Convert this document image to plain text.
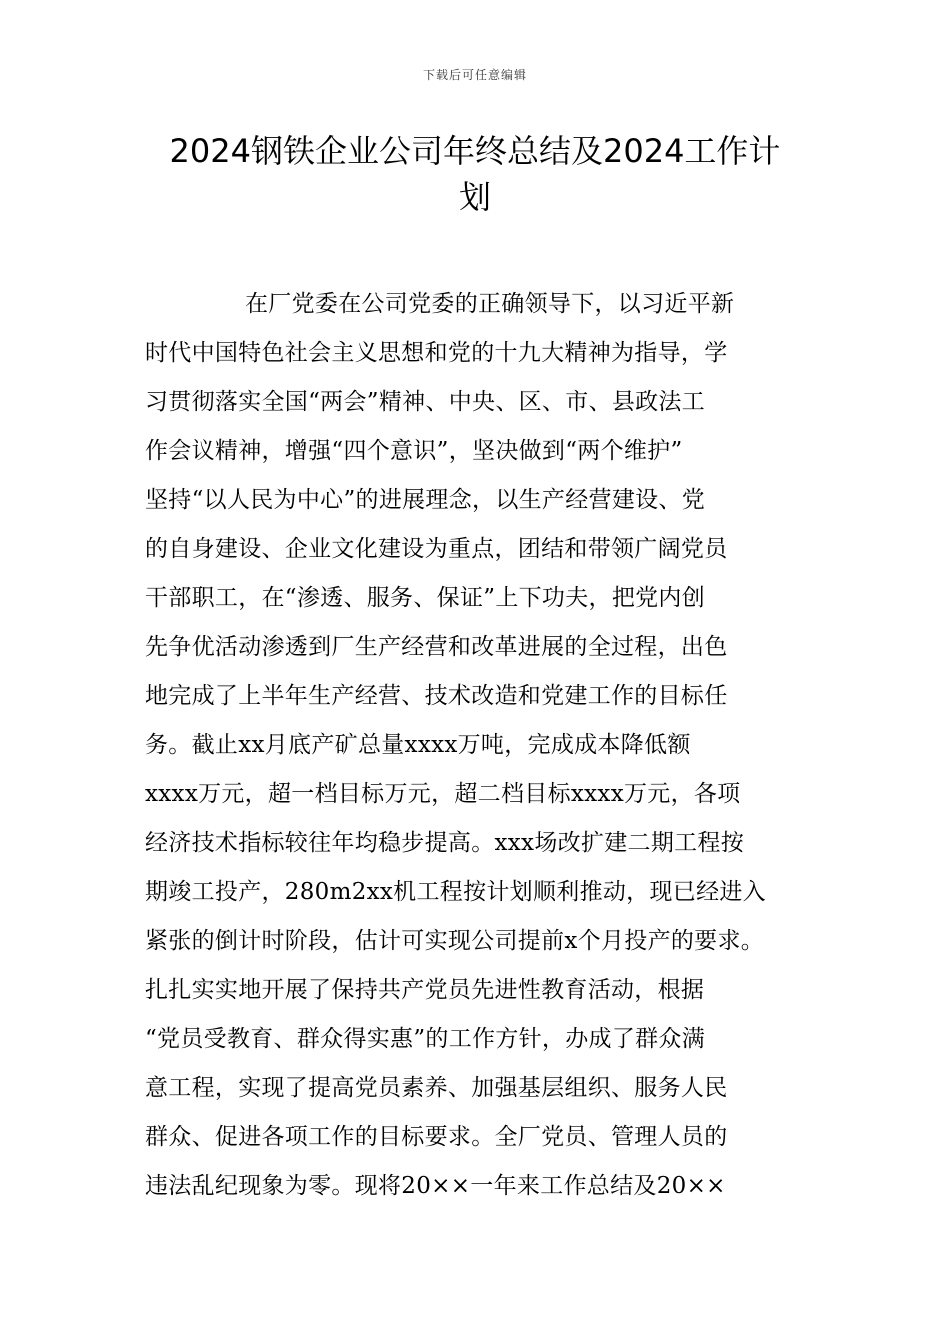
下载后可任意编辑
2024钢铁企业公司年终总结及2024工作计
划
在厂党委在公司党委的正确领导下，以习近平新
时代中国特色社会主义思想和党的十九大精神为指导，学
习贯彻落实全国“两会”精神、中央、区、市、县政法工
作会议精神，增强“四个意识”，坚决做到“两个维护”
坚持“以人民为中心”的进展理念，以生产经营建设、党
的自身建设、企业文化建设为重点，团结和带领广阔党员
干部职工，在“渗透、服务、保证”上下功夫，把党内创
先争优活动渗透到厂生产经营和改革进展的全过程，出色
地完成了上半年生产经营、技术改造和党建工作的目标任
务。截止xx月底产矿总量xxxx万吨，完成成本降低额
xxxx万元，超一档目标万元，超二档目标xxxx万元，各项
经济技术指标较往年均稳步提高。xxx场改扩建二期工程按
期竣工投产，280m2xx机工程按计划顺利推动，现已经进入
紧张的倒计时阶段，估计可实现公司提前x个月投产的要求。
扎扎实实地开展了保持共产党员先进性教育活动，根据
“党员受教育、群众得实惠”的工作方针，办成了群众满
意工程，实现了提高党员素养、加强基层组织、服务人民
群众、促进各项工作的目标要求。全厂党员、管理人员的
违法乱纪现象为零。现将20××一年来工作总结及20××
